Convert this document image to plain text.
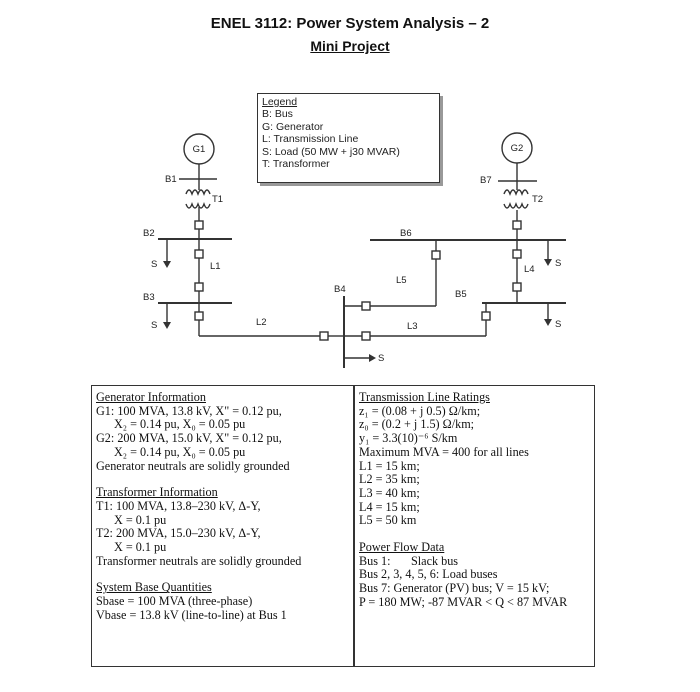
ENEL 3112: Power System Analysis – 2
Mini Project
G1	G2
T1	T2
B1
B2
B3
B4	B5
B6
B7
L1
L2	L3
L4
L5
S
S
S
S
S
Legend
B: Bus
G: Generator
L: Transmission Line
S: Load (50 MW + j30 MVAR)
T: Transformer
Generator Information
G1: 100 MVA, 13.8 kV, X" = 0.12 pu,
X₂ = 0.14 pu, X₀ = 0.05 pu
G2: 200 MVA, 15.0 kV, X" = 0.12 pu,
X₂ = 0.14 pu, X₀ = 0.05 pu
Generator neutrals are solidly grounded
Transformer Information
T1: 100 MVA, 13.8–230 kV, Δ-Y,
X = 0.1 pu
T2: 200 MVA, 15.0–230 kV, Δ-Y,
X = 0.1 pu
Transformer neutrals are solidly grounded
System Base Quantities
Sbase = 100 MVA (three-phase)
Vbase = 13.8 kV (line-to-line) at Bus 1
Transmission Line Ratings
z₁ = (0.08 + j 0.5) Ω/km;
z₀ = (0.2 + j 1.5) Ω/km;
y₁ = 3.3(10)⁻⁶ S/km
Maximum MVA = 400 for all lines
L1 = 15 km;
L2 = 35 km;
L3 = 40 km;
L4 = 15 km;
L5 = 50 km
Power Flow Data
Bus 1:	Slack bus
Bus 2, 3, 4, 5, 6: Load buses
Bus 7: Generator (PV) bus; V = 15 kV;
P = 180 MW; -87 MVAR < Q < 87 MVAR
